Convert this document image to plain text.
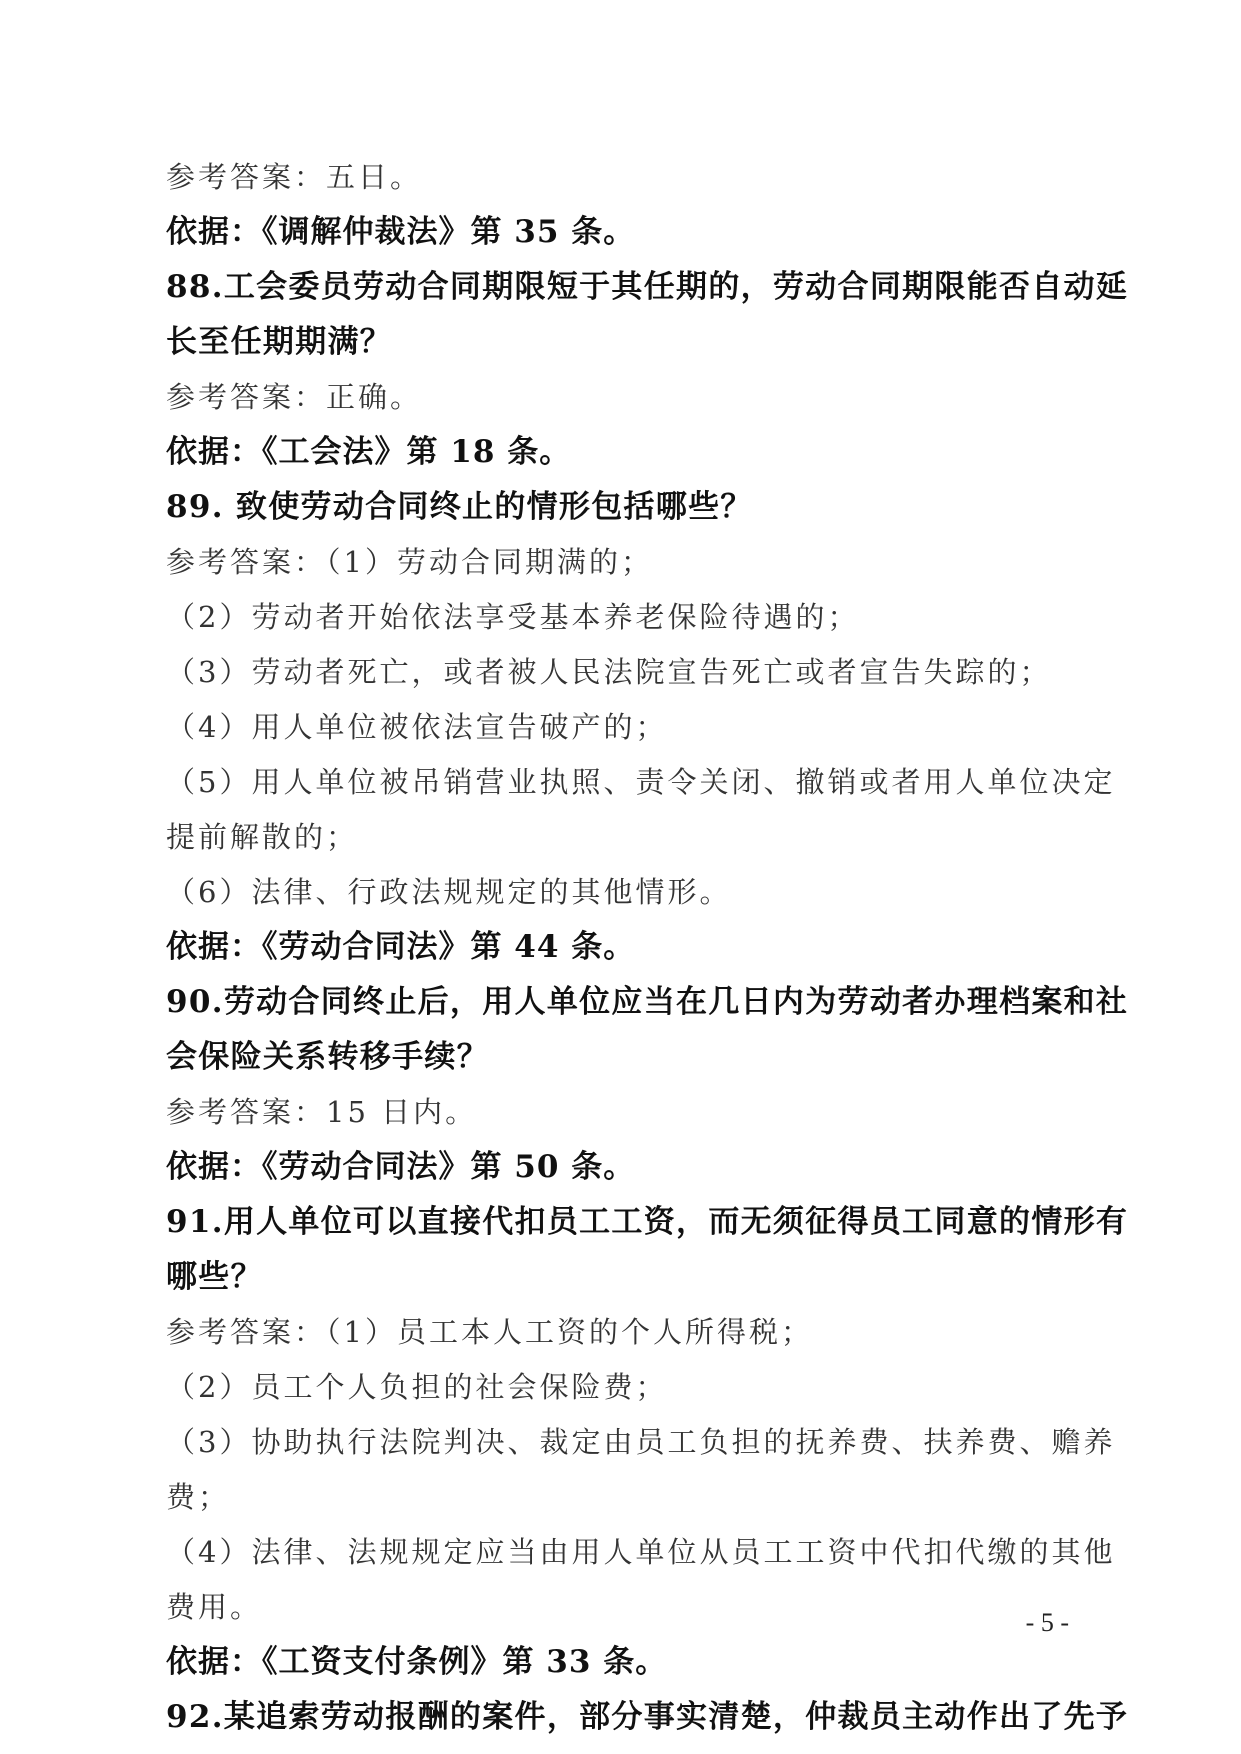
参考答案：五日。
依据：《调解仲裁法》第 35 条。
88.工会委员劳动合同期限短于其任期的，劳动合同期限能否自动延
长至任期期满？
参考答案：正确。
依据：《工会法》第 18 条。
89. 致使劳动合同终止的情形包括哪些？
参考答案：（1）劳动合同期满的；
（2）劳动者开始依法享受基本养老保险待遇的；
（3）劳动者死亡，或者被人民法院宣告死亡或者宣告失踪的；
（4）用人单位被依法宣告破产的；
（5）用人单位被吊销营业执照、责令关闭、撤销或者用人单位决定
提前解散的；
（6）法律、行政法规规定的其他情形。
依据：《劳动合同法》第 44 条。
90.劳动合同终止后，用人单位应当在几日内为劳动者办理档案和社
会保险关系转移手续？
参考答案：15 日内。
依据：《劳动合同法》第 50 条。
91.用人单位可以直接代扣员工工资，而无须征得员工同意的情形有
哪些？
参考答案：（1）员工本人工资的个人所得税；
（2）员工个人负担的社会保险费；
（3）协助执行法院判决、裁定由员工负担的抚养费、扶养费、赡养
费；
（4）法律、法规规定应当由用人单位从员工工资中代扣代缴的其他
费用。
依据：《工资支付条例》第 33 条。
92.某追索劳动报酬的案件，部分事实清楚，仲裁员主动作出了先予
- 5 -
